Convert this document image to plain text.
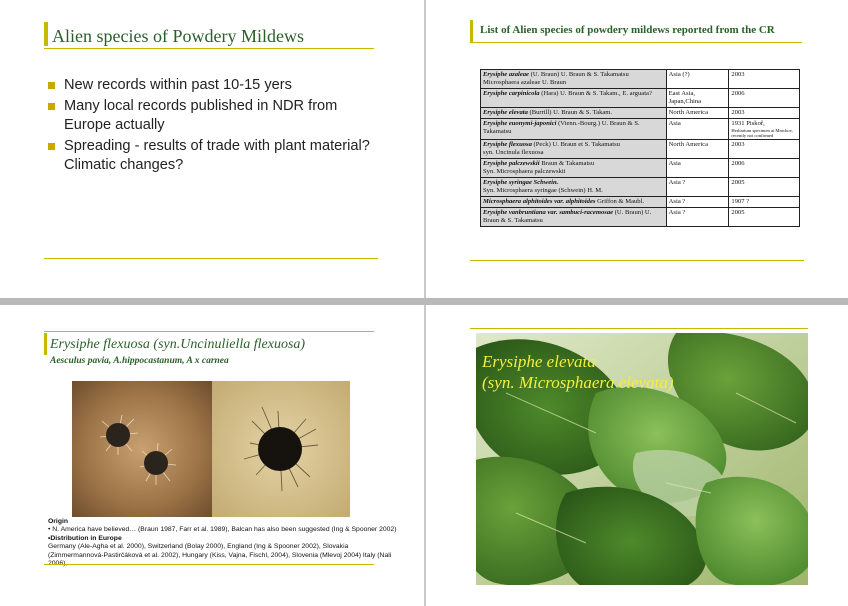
Alien species of Powdery Mildews
New records within past 10-15 yers
Many local records published in NDR from Europe actually
Spreading - results of trade with plant material? Climatic changes?
List of Alien species of powdery mildews reported from the CR
Erysiphe azaleae (U. Braun) U. Braun & S. Takamatsu
Microsphaera azaleae U. Braun	Asia (?)	2003
Erysiphe carpinicola (Hara) U. Braun & S. Takam., E. arguata?	East Asia, Japan,China	2006
Erysiphe elevata (Burrill) U. Braun & S. Takam.	North America	2003
Erysiphe euonymi-japonici (Vienn.-Bourg.) U. Braun & S. Takamatsu	Asia	1931 Piskoř,
Herbarium specimen at Mnichov, recently not confirmed

Erysiphe flexuosa (Peck) U. Braun et S. Takamatsu
syn. Uncinula flexuosa	North America	2003
Erysiphe palczewskii Braun & Takamatsu
Syn. Microsphaera palczewskii	Asia	2006
Erysiphe syringae Schwein.
Syn. Microsphaera syringae (Schwein) H. M.	Asia ?	2005
Microsphaera alphitoides var. alphitoides Griffon & Maubl.	Asia ?	1907 ?
Erysiphe vanbruntiana var. sambuci-racemosae (U. Braun) U. Braun & S. Takamatsu	Asia ?	2005
Erysiphe flexuosa (syn.Uncinuliella flexuosa)
Aesculus pavia, A.hippocastanum, A x carnea
Origin
• N. America have believed… (Braun 1987, Farr et al. 1989), Balcan has also been suggested (Ing & Spooner 2002)
•Distribution in Europe
Germany (Ale-Agha et al. 2000), Switzerland (Bolay 2000), England (Ing & Spooner 2002), Slovakia (Zimmermannová-Pastirčáková et al. 2002), Hungary (Kiss, Vajna, Fischl, 2004), Slovenia (Mlevoj 2004) Italy (Nali
Erysiphe elevata
(syn. Microsphaera elevata)
